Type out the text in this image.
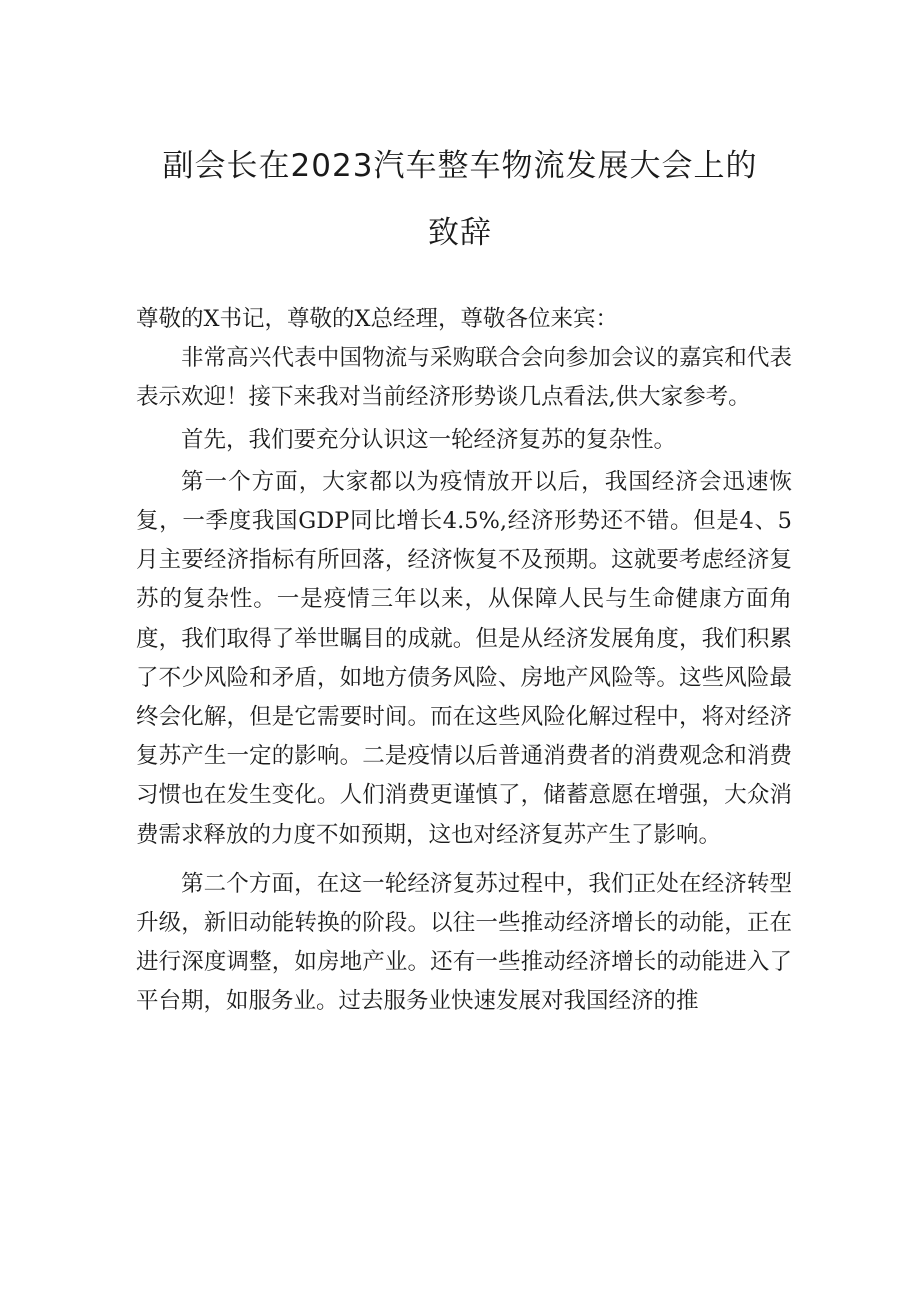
副会长在2023汽车整车物流发展大会上的
致辞

尊敬的X书记，尊敬的X总经理，尊敬各位来宾：

非常高兴代表中国物流与采购联合会向参加会议的嘉宾和代表表示欢迎！接下来我对当前经济形势谈几点看法,供大家参考。

首先，我们要充分认识这一轮经济复苏的复杂性。

第一个方面，大家都以为疫情放开以后，我国经济会迅速恢复，一季度我国GDP同比增长4.5%,经济形势还不错。但是4、5月主要经济指标有所回落，经济恢复不及预期。这就要考虑经济复苏的复杂性。一是疫情三年以来，从保障人民与生命健康方面角度，我们取得了举世瞩目的成就。但是从经济发展角度，我们积累了不少风险和矛盾，如地方债务风险、房地产风险等。这些风险最终会化解，但是它需要时间。而在这些风险化解过程中，将对经济复苏产生一定的影响。二是疫情以后普通消费者的消费观念和消费习惯也在发生变化。人们消费更谨慎了，储蓄意愿在增强，大众消费需求释放的力度不如预期，这也对经济复苏产生了影响。

第二个方面，在这一轮经济复苏过程中，我们正处在经济转型升级，新旧动能转换的阶段。以往一些推动经济增长的动能，正在进行深度调整，如房地产业。还有一些推动经济增长的动能进入了平台期，如服务业。过去服务业快速发展对我国经济的推
